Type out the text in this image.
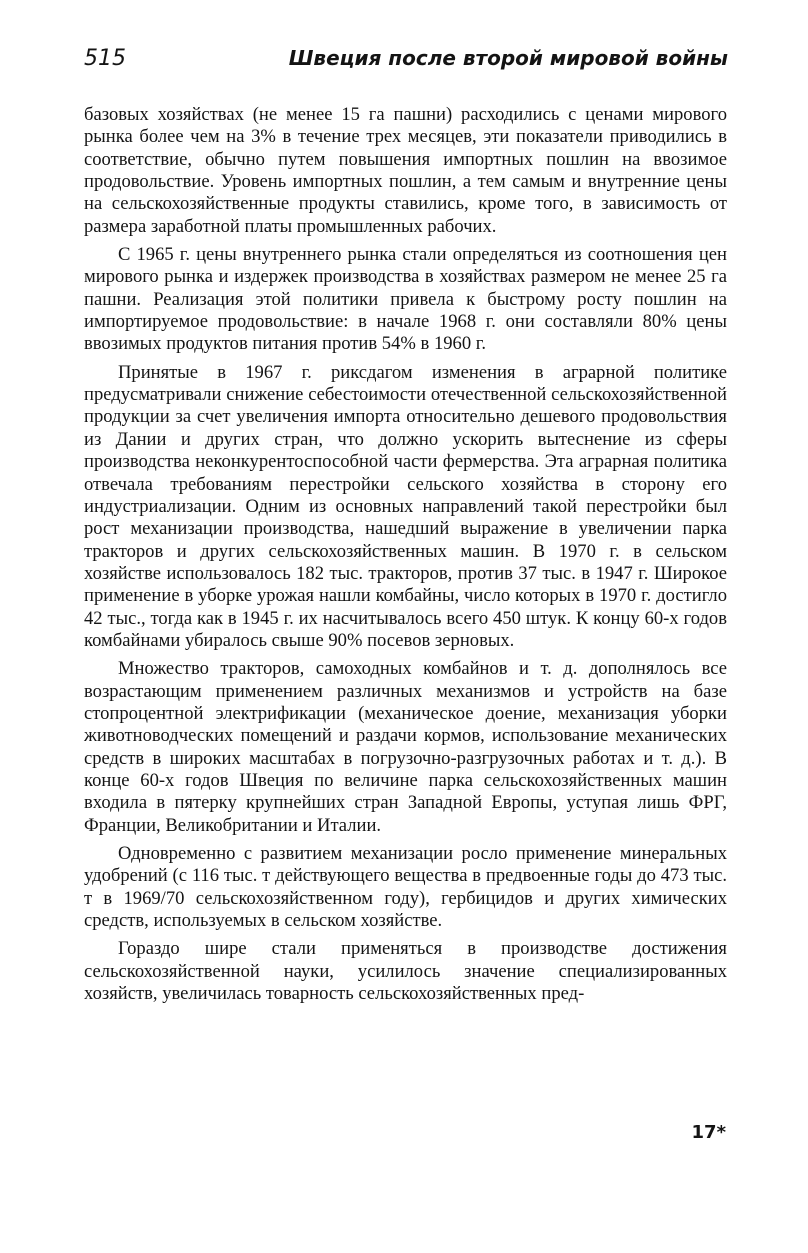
515	Швеция после второй мировой войны

базовых хозяйствах (не менее 15 га пашни) расходились с ценами мирового рынка более чем на 3% в течение трех месяцев, эти показатели приводились в соответствие, обычно путем повышения импортных пошлин на ввозимое продовольствие. Уровень импортных пошлин, а тем самым и внутренние цены на сельскохозяйственные продукты ставились, кроме того, в зависимость от размера заработной платы промышленных рабочих.

С 1965 г. цены внутреннего рынка стали определяться из соотношения цен мирового рынка и издержек производства в хозяйствах размером не менее 25 га пашни. Реализация этой политики привела к быстрому росту пошлин на импортируемое продовольствие: в начале 1968 г. они составляли 80% цены ввозимых продуктов питания против 54% в 1960 г.

Принятые в 1967 г. риксдагом изменения в аграрной политике предусматривали снижение себестоимости отечественной сельскохозяйственной продукции за счет увеличения импорта относительно дешевого продовольствия из Дании и других стран, что должно ускорить вытеснение из сферы производства неконкурентоспособной части фермерства. Эта аграрная политика отвечала требованиям перестройки сельского хозяйства в сторону его индустриализации. Одним из основных направлений такой перестройки был рост механизации производства, нашедший выражение в увеличении парка тракторов и других сельскохозяйственных машин. В 1970 г. в сельском хозяйстве использовалось 182 тыс. тракторов, против 37 тыс. в 1947 г. Широкое применение в уборке урожая нашли комбайны, число которых в 1970 г. достигло 42 тыс., тогда как в 1945 г. их насчитывалось всего 450 штук. К концу 60-х годов комбайнами убиралось свыше 90% посевов зерновых.

Множество тракторов, самоходных комбайнов и т. д. дополнялось все возрастающим применением различных механизмов и устройств на базе стопроцентной электрификации (механическое доение, механизация уборки животноводческих помещений и раздачи кормов, использование механических средств в широких масштабах в погрузочно-разгрузочных работах и т. д.). В конце 60-х годов Швеция по величине парка сельскохозяйственных машин входила в пятерку крупнейших стран Западной Европы, уступая лишь ФРГ, Франции, Великобритании и Италии.

Одновременно с развитием механизации росло применение минеральных удобрений (с 116 тыс. т действующего вещества в предвоенные годы до 473 тыс. т в 1969/70 сельскохозяйственном году), гербицидов и других химических средств, используемых в сельском хозяйстве.

Гораздо шире стали применяться в производстве достижения сельскохозяйственной науки, усилилось значение специализированных хозяйств, увеличилась товарность сельскохозяйственных пред-

17*
